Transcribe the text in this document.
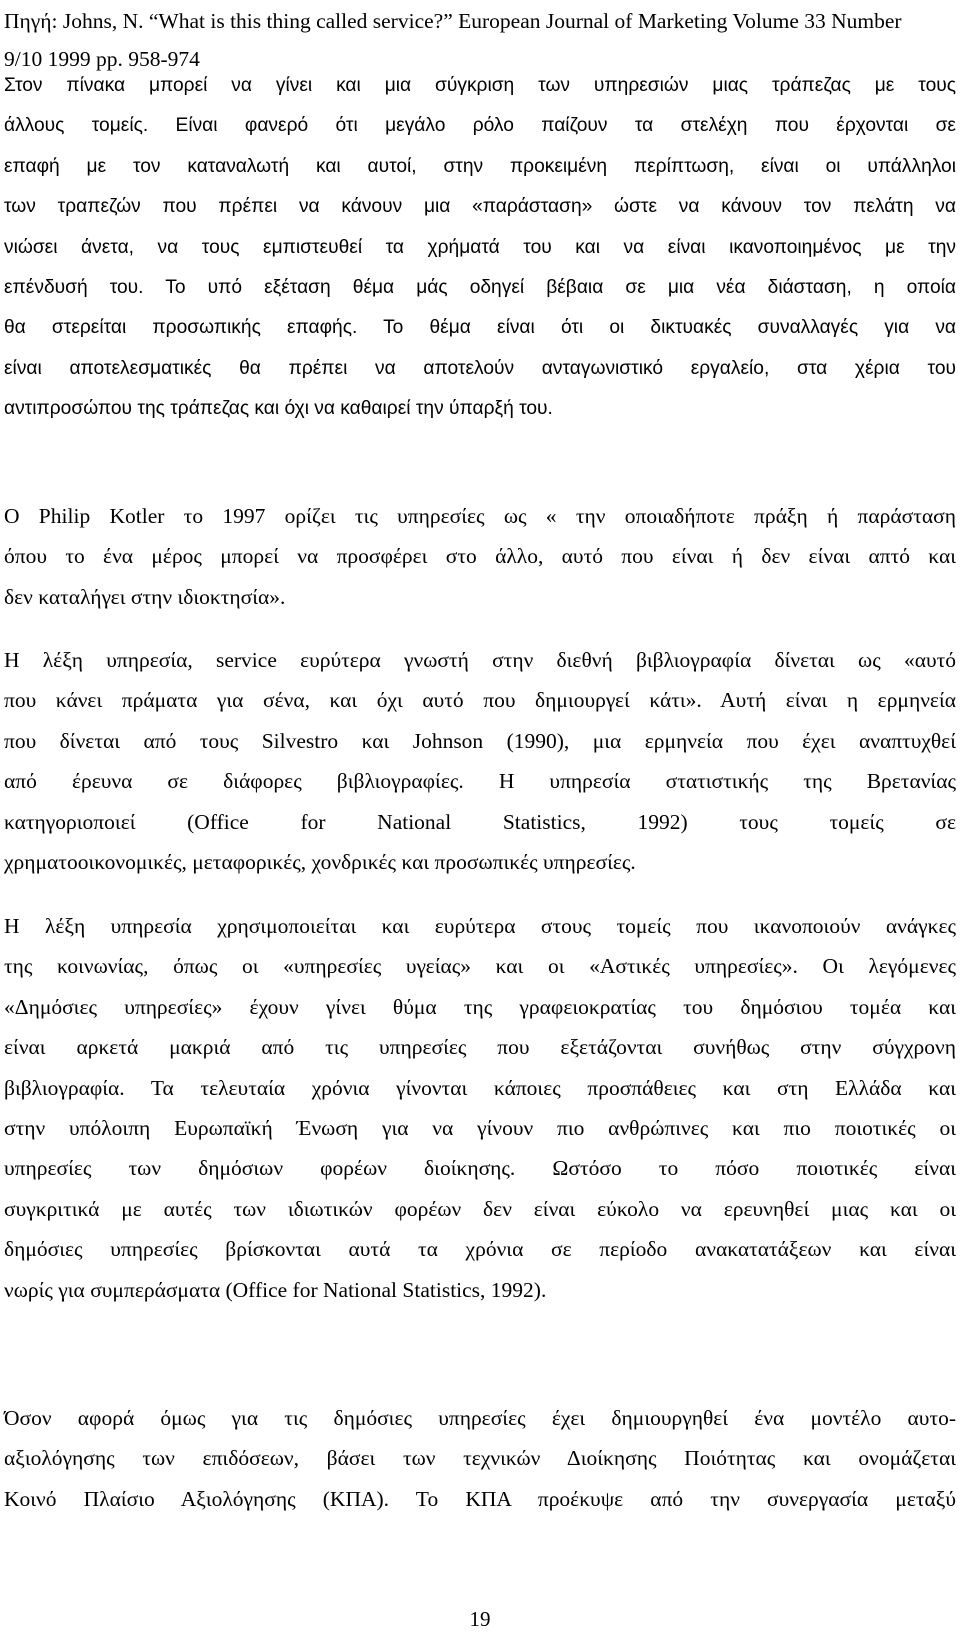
Πηγή: Johns, N. “What is this thing called service?” European Journal of Marketing Volume 33 Number
9/10 1999 pp. 958-974
Στον πίνακα μπορεί να γίνει και μια σύγκριση των υπηρεσιών μιας τράπεζας με τους
άλλους τομείς. Είναι φανερό ότι μεγάλο ρόλο παίζουν τα στελέχη που έρχονται σε
επαφή με τον καταναλωτή και αυτοί, στην προκειμένη περίπτωση, είναι οι υπάλληλοι
των τραπεζών που πρέπει να κάνουν μια «παράσταση» ώστε να κάνουν τον πελάτη να
νιώσει άνετα, να τους εμπιστευθεί τα χρήματά του και να είναι ικανοποιημένος με την
επένδυσή του. Το υπό εξέταση θέμα μάς οδηγεί βέβαια σε μια νέα διάσταση, η οποία
θα στερείται προσωπικής επαφής. Το θέμα είναι ότι οι δικτυακές συναλλαγές για να
είναι αποτελεσματικές θα πρέπει να αποτελούν ανταγωνιστικό εργαλείο, στα χέρια του
αντιπροσώπου της τράπεζας και όχι να καθαιρεί την ύπαρξή του.
Ο Philip Kotler το 1997 ορίζει τις υπηρεσίες ως « την οποιαδήποτε πράξη ή παράσταση
όπου το ένα μέρος μπορεί να προσφέρει στο άλλο, αυτό που είναι ή δεν είναι απτό και
δεν καταλήγει στην ιδιοκτησία».
Η λέξη υπηρεσία, service ευρύτερα γνωστή στην διεθνή βιβλιογραφία δίνεται ως «αυτό
που κάνει πράματα για σένα, και όχι αυτό που δημιουργεί κάτι». Αυτή είναι η ερμηνεία
που δίνεται από τους Silvestro και Johnson (1990), μια ερμηνεία που έχει αναπτυχθεί
από έρευνα σε διάφορες βιβλιογραφίες. Η υπηρεσία στατιστικής της Βρετανίας
κατηγοριοποιεί (Office for National Statistics, 1992) τους τομείς σε
χρηματοοικονομικές, μεταφορικές, χονδρικές και προσωπικές υπηρεσίες.
Η λέξη υπηρεσία χρησιμοποιείται και ευρύτερα στους τομείς που ικανοποιούν ανάγκες
της κοινωνίας, όπως οι «υπηρεσίες υγείας» και οι «Αστικές υπηρεσίες». Οι λεγόμενες
«Δημόσιες υπηρεσίες» έχουν γίνει θύμα της γραφειοκρατίας του δημόσιου τομέα και
είναι αρκετά μακριά από τις υπηρεσίες που εξετάζονται συνήθως στην σύγχρονη
βιβλιογραφία. Τα τελευταία χρόνια γίνονται κάποιες προσπάθειες και στη Ελλάδα και
στην υπόλοιπη Ευρωπαϊκή Ένωση για να γίνουν πιο ανθρώπινες και πιο ποιοτικές οι
υπηρεσίες των δημόσιων φορέων διοίκησης. Ωστόσο το πόσο ποιοτικές είναι
συγκριτικά με αυτές των ιδιωτικών φορέων δεν είναι εύκολο να ερευνηθεί μιας και οι
δημόσιες υπηρεσίες βρίσκονται αυτά τα χρόνια σε περίοδο ανακατατάξεων και είναι
νωρίς για συμπεράσματα (Office for National Statistics, 1992).
Όσον αφορά όμως για τις δημόσιες υπηρεσίες έχει δημιουργηθεί ένα μοντέλο αυτο-
αξιολόγησης των επιδόσεων, βάσει των τεχνικών Διοίκησης Ποιότητας και ονομάζεται
Κοινό Πλαίσιο Αξιολόγησης (ΚΠΑ). Το ΚΠΑ προέκυψε από την συνεργασία μεταξύ
19
